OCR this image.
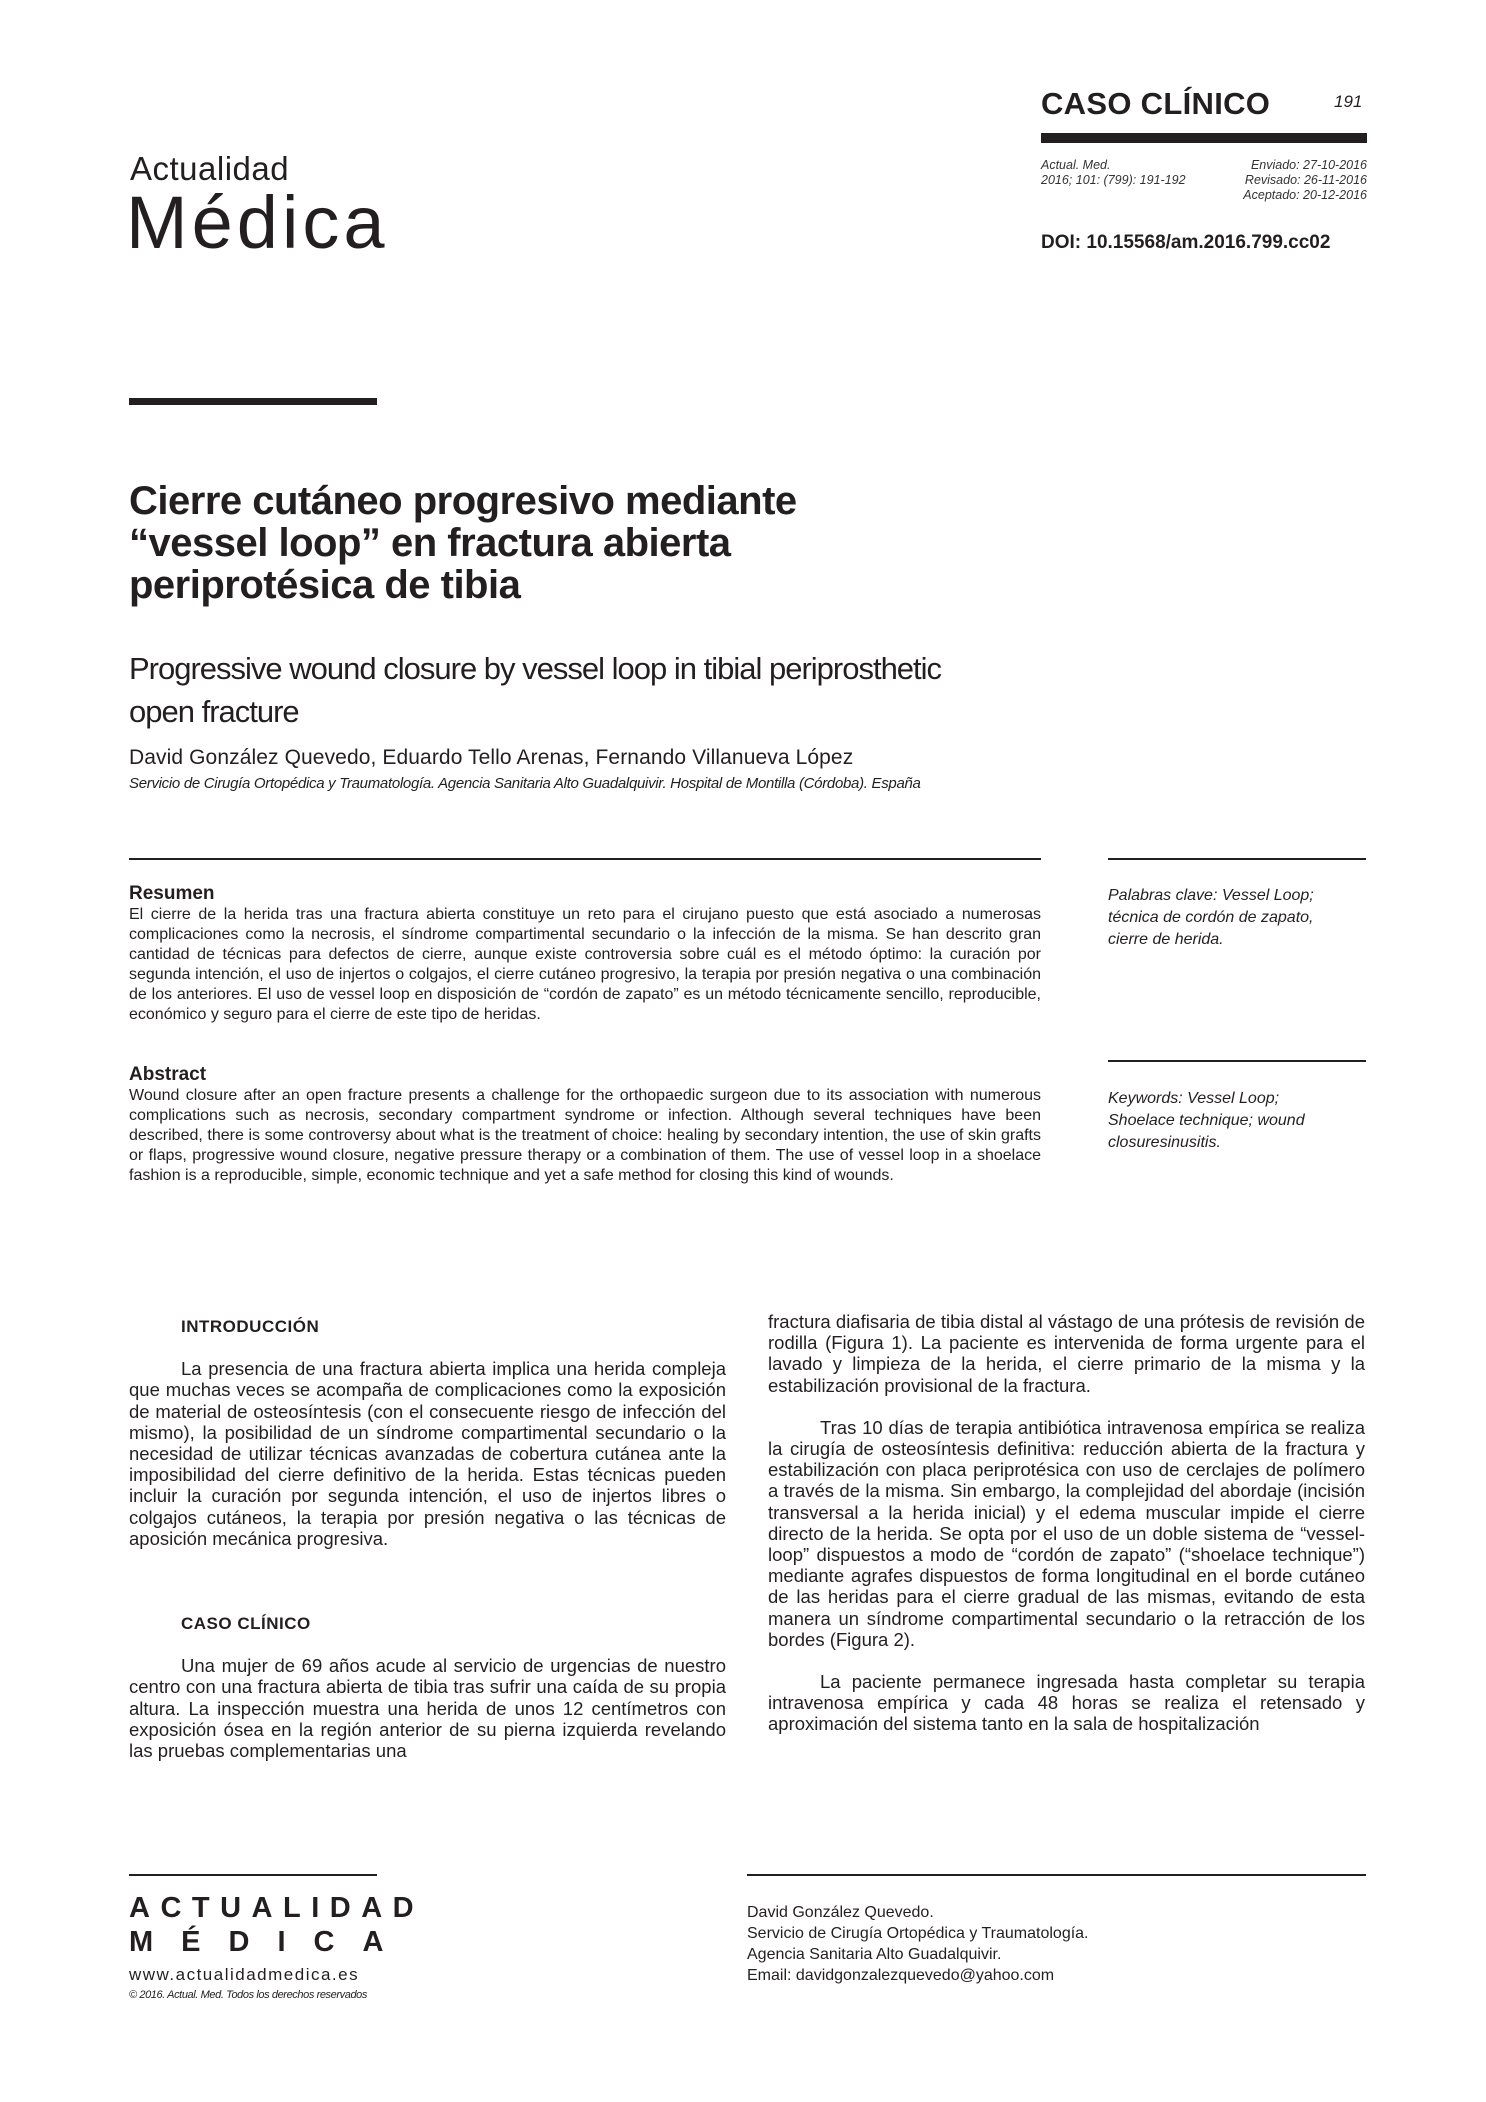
CASO CLÍNICO	191
Actual. Med.
2016; 101: (799): 191-192
Enviado: 27-10-2016
Revisado: 26-11-2016
Aceptado: 20-12-2016
DOI: 10.15568/am.2016.799.cc02
Actualidad
Médica
Cierre cutáneo progresivo mediante
“vessel loop” en fractura abierta
periprotésica de tibia
Progressive wound closure by vessel loop in tibial periprosthetic
open fracture
David González Quevedo, Eduardo Tello Arenas, Fernando Villanueva López
Servicio de Cirugía Ortopédica y Traumatología. Agencia Sanitaria Alto Guadalquivir. Hospital de Montilla (Córdoba). España
Resumen
El cierre de la herida tras una fractura abierta constituye un reto para el cirujano puesto que está asociado a numerosas complicaciones como la necrosis, el síndrome compartimental secundario o la infección de la misma. Se han descrito gran cantidad de técnicas para defectos de cierre, aunque existe controversia sobre cuál es el método óptimo: la curación por segunda intención, el uso de injertos o colgajos, el cierre cutáneo progresivo, la terapia por presión negativa o una combinación de los anteriores. El uso de vessel loop en disposición de “cordón de zapato” es un método técnicamente sencillo, reproducible, económico y seguro para el cierre de este tipo de heridas.
Abstract
Wound closure after an open fracture presents a challenge for the orthopaedic surgeon due to its association with numerous complications such as necrosis, secondary compartment syndrome or infection. Although several techniques have been described, there is some controversy about what is the treatment of choice: healing by secondary intention, the use of skin grafts or flaps, progressive wound closure, negative pressure therapy or a combination of them. The use of vessel loop in a shoelace fashion is a reproducible, simple, economic technique and yet a safe method for closing this kind of wounds.
Palabras clave: Vessel Loop;
técnica de cordón de zapato,
cierre de herida.
Keywords: Vessel Loop;
Shoelace technique; wound
closuresinusitis.
INTRODUCCIÓN

La presencia de una fractura abierta implica una herida compleja que muchas veces se acompaña de complicaciones como la exposición de material de osteosíntesis (con el consecuente riesgo de infección del mismo), la posibilidad de un síndrome compartimental secundario o la necesidad de utilizar técnicas avanzadas de cobertura cutánea ante la imposibilidad del cierre definitivo de la herida. Estas técnicas pueden incluir la curación por segunda intención, el uso de injertos libres o colgajos cutáneos, la terapia por presión negativa o las técnicas de aposición mecánica progresiva.

CASO CLÍNICO

Una mujer de 69 años acude al servicio de urgencias de nuestro centro con una fractura abierta de tibia tras sufrir una caída de su propia altura. La inspección muestra una herida de unos 12 centímetros con exposición ósea en la región anterior de su pierna izquierda revelando las pruebas complementarias una

fractura diafisaria de tibia distal al vástago de una prótesis de revisión de rodilla (Figura 1). La paciente es intervenida de forma urgente para el lavado y limpieza de la herida, el cierre primario de la misma y la estabilización provisional de la fractura.

Tras 10 días de terapia antibiótica intravenosa empírica se realiza la cirugía de osteosíntesis definitiva: reducción abierta de la fractura y estabilización con placa periprotésica con uso de cerclajes de polímero a través de la misma. Sin embargo, la complejidad del abordaje (incisión transversal a la herida inicial) y el edema muscular impide el cierre directo de la herida. Se opta por el uso de un doble sistema de “vessel-loop” dispuestos a modo de “cordón de zapato” (“shoelace technique”) mediante agrafes dispuestos de forma longitudinal en el borde cutáneo de las heridas para el cierre gradual de las mismas, evitando de esta manera un síndrome compartimental secundario o la retracción de los bordes (Figura 2).

La paciente permanece ingresada hasta completar su terapia intravenosa empírica y cada 48 horas se realiza el retensado y aproximación del sistema tanto en la sala de hospitalización

ACTUALIDAD
MÉDICA
www.actualidadmedica.es
© 2016. Actual. Med. Todos los derechos reservados
David González Quevedo.
Servicio de Cirugía Ortopédica y Traumatología.
Agencia Sanitaria Alto Guadalquivir.
Email: davidgonzalezquevedo@yahoo.com
